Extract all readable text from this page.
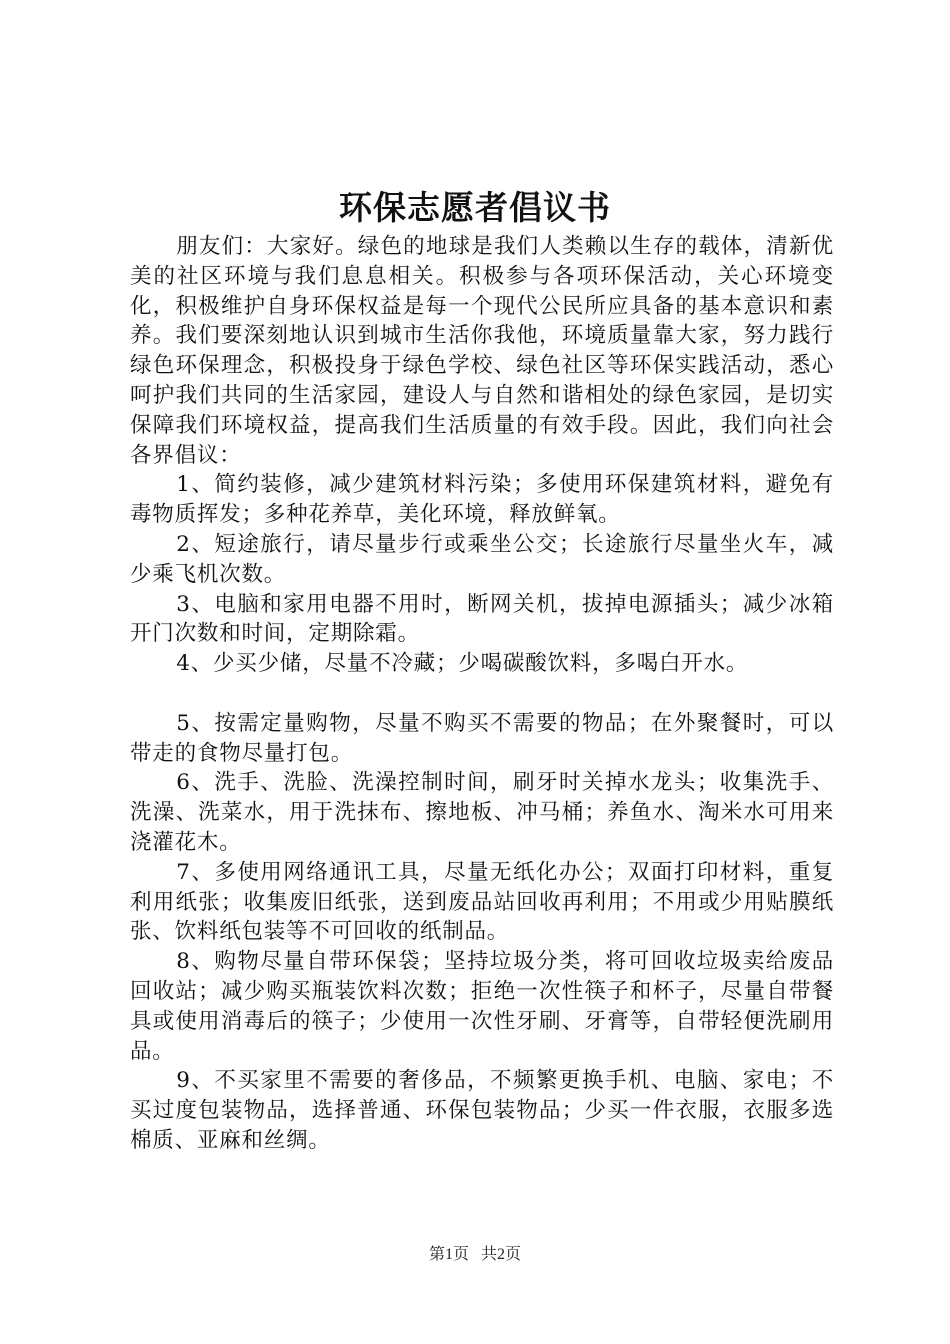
环保志愿者倡议书

朋友们：大家好。绿色的地球是我们人类赖以生存的载体，清新优美的社区环境与我们息息相关。积极参与各项环保活动，关心环境变化，积极维护自身环保权益是每一个现代公民所应具备的基本意识和素养。我们要深刻地认识到城市生活你我他，环境质量靠大家，努力践行绿色环保理念，积极投身于绿色学校、绿色社区等环保实践活动，悉心呵护我们共同的生活家园，建设人与自然和谐相处的绿色家园，是切实保障我们环境权益，提高我们生活质量的有效手段。因此，我们向社会各界倡议：

1、简约装修，减少建筑材料污染；多使用环保建筑材料，避免有毒物质挥发；多种花养草，美化环境，释放鲜氧。

2、短途旅行，请尽量步行或乘坐公交；长途旅行尽量坐火车，减少乘飞机次数。

3、电脑和家用电器不用时，断网关机，拔掉电源插头；减少冰箱开门次数和时间，定期除霜。

4、少买少储，尽量不冷藏；少喝碳酸饮料，多喝白开水。

5、按需定量购物，尽量不购买不需要的物品；在外聚餐时，可以带走的食物尽量打包。

6、洗手、洗脸、洗澡控制时间，刷牙时关掉水龙头；收集洗手、洗澡、洗菜水，用于洗抹布、擦地板、冲马桶；养鱼水、淘米水可用来浇灌花木。

7、多使用网络通讯工具，尽量无纸化办公；双面打印材料，重复利用纸张；收集废旧纸张，送到废品站回收再利用；不用或少用贴膜纸张、饮料纸包装等不可回收的纸制品。

8、购物尽量自带环保袋；坚持垃圾分类，将可回收垃圾卖给废品回收站；减少购买瓶装饮料次数；拒绝一次性筷子和杯子，尽量自带餐具或使用消毒后的筷子；少使用一次性牙刷、牙膏等，自带轻便洗刷用品。

9、不买家里不需要的奢侈品，不频繁更换手机、电脑、家电；不买过度包装物品，选择普通、环保包装物品；少买一件衣服，衣服多选棉质、亚麻和丝绸。

第1页 共2页
